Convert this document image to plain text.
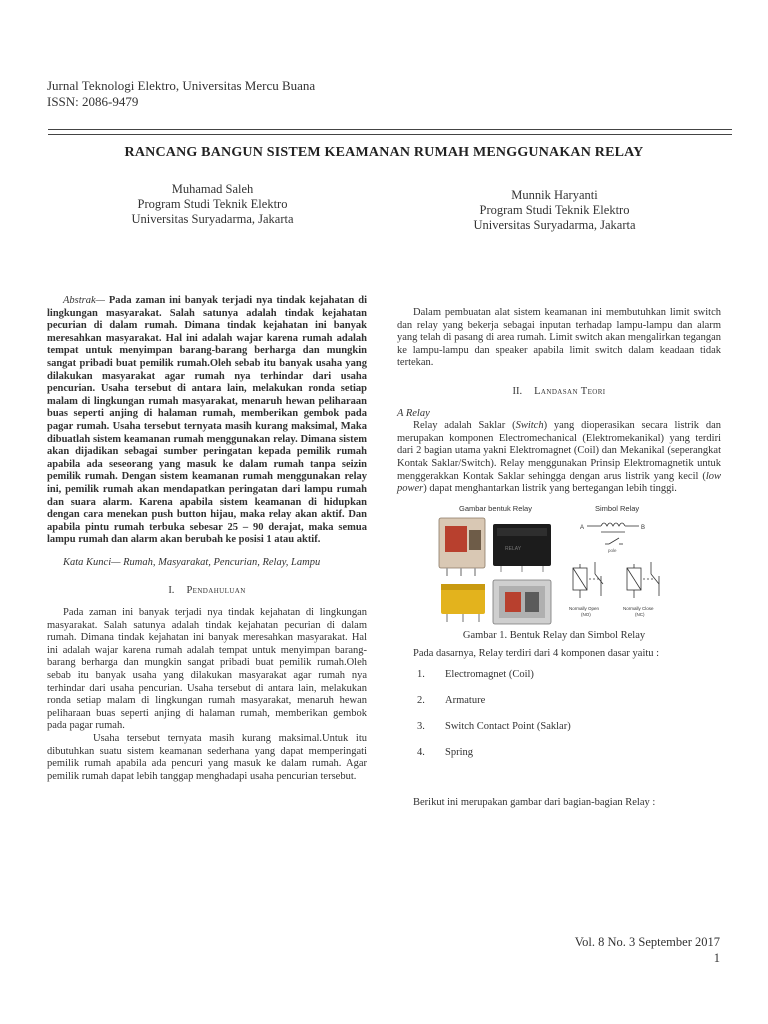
Jurnal Teknologi Elektro, Universitas Mercu Buana
ISSN: 2086-9479
RANCANG BANGUN SISTEM KEAMANAN RUMAH MENGGUNAKAN RELAY
Muhamad Saleh
Program Studi Teknik Elektro
Universitas Suryadarma, Jakarta
Munnik Haryanti
Program Studi Teknik Elektro
Universitas Suryadarma, Jakarta

Abstrak— Pada zaman ini banyak terjadi nya tindak kejahatan di lingkungan masyarakat. Salah satunya adalah tindak kejahatan pecurian di dalam rumah. Dimana tindak kejahatan ini banyak meresahkan masyarakat. Hal ini adalah wajar karena rumah adalah tempat untuk menyimpan barang-barang berharga dan mungkin sangat pribadi buat pemilik rumah.Oleh sebab itu banyak usaha yang dilakukan masyarakat agar rumah nya terhindar dari usaha pencurian. Usaha tersebut di antara lain, melakukan ronda setiap malam di lingkungan rumah masyarakat, menaruh hewan peliharaan buas seperti anjing di halaman rumah, memberikan gembok pada pagar rumah. Usaha tersebut ternyata masih kurang maksimal, Maka dibuatlah sistem keamanan rumah menggunakan relay. Dimana sistem akan dijadikan sebagai sumber peringatan kepada pemilik rumah apabila ada seseorang yang masuk ke dalam rumah tanpa seizin pemilik rumah. Dengan sistem keamanan rumah menggunakan relay ini, pemilik rumah akan mendapatkan peringatan dari lampu rumah dan suara alarm. Karena apabila sistem keamanan di hidupkan dengan cara menekan push button hijau, maka relay akan aktif. Dan apabila pintu rumah terbuka sebesar 25 – 90 derajat, maka semua lampu rumah dan alarm akan berubah ke posisi 1 atau aktif.

Kata Kunci— Rumah, Masyarakat, Pencurian, Relay, Lampu

I. Pendahuluan

Pada zaman ini banyak terjadi nya tindak kejahatan di lingkungan masyarakat. Salah satunya adalah tindak kejahatan pecurian di dalam rumah. Dimana tindak kejahatan ini banyak meresahkan masyarakat. Hal ini adalah wajar karena rumah adalah tempat untuk menyimpan barang-barang berharga dan mungkin sangat pribadi buat pemilik rumah.Oleh sebab itu banyak usaha yang dilakukan masyarakat agar rumah nya terhindar dari usaha pencurian. Usaha tersebut di antara lain, melakukan ronda setiap malam di lingkungan rumah masyarakat, menaruh hewan peliharaan buas seperti anjing di halaman rumah, memberikan gembok pada pagar rumah.

Usaha tersebut ternyata masih kurang maksimal.Untuk itu dibutuhkan suatu sistem keamanan sederhana yang dapat memperingati pemilik rumah apabila ada pencuri yang masuk ke dalam rumah. Agar pemilik rumah dapat lebih tanggap menghadapi usaha pencurian tersebut.

Dalam pembuatan alat sistem keamanan ini membutuhkan limit switch dan relay yang bekerja sebagai inputan terhadap lampu-lampu dan alarm yang telah di pasang di area rumah. Limit switch akan mengalirkan tegangan ke lampu-lampu dan speaker apabila limit switch dalam keadaan tidak tertekan.

II. Landasan Teori

A Relay

Relay adalah Saklar (Switch) yang dioperasikan secara listrik dan merupakan komponen Electromechanical (Elektromekanikal) yang terdiri dari 2 bagian utama yakni Elektromagnet (Coil) dan Mekanikal (seperangkat Kontak Saklar/Switch). Relay menggunakan Prinsip Elektromagnetik untuk menggerakkan Kontak Saklar sehingga dengan arus listrik yang kecil (low power) dapat menghantarkan listrik yang bertegangan lebih tinggi.

Gambar bentuk Relay	Simbol Relay
RELAY
A	B
pole
Normally Open
(NO)
Normally Close
(NC)
Gambar 1. Bentuk Relay dan Simbol Relay

Pada dasarnya, Relay terdiri dari 4 komponen dasar yaitu :

1.	Electromagnet (Coil)
2.	Armature
3.	Switch Contact Point (Saklar)
4.	Spring

Berikut ini merupakan gambar dari bagian-bagian Relay :

Vol. 8 No. 3 September 2017
1
